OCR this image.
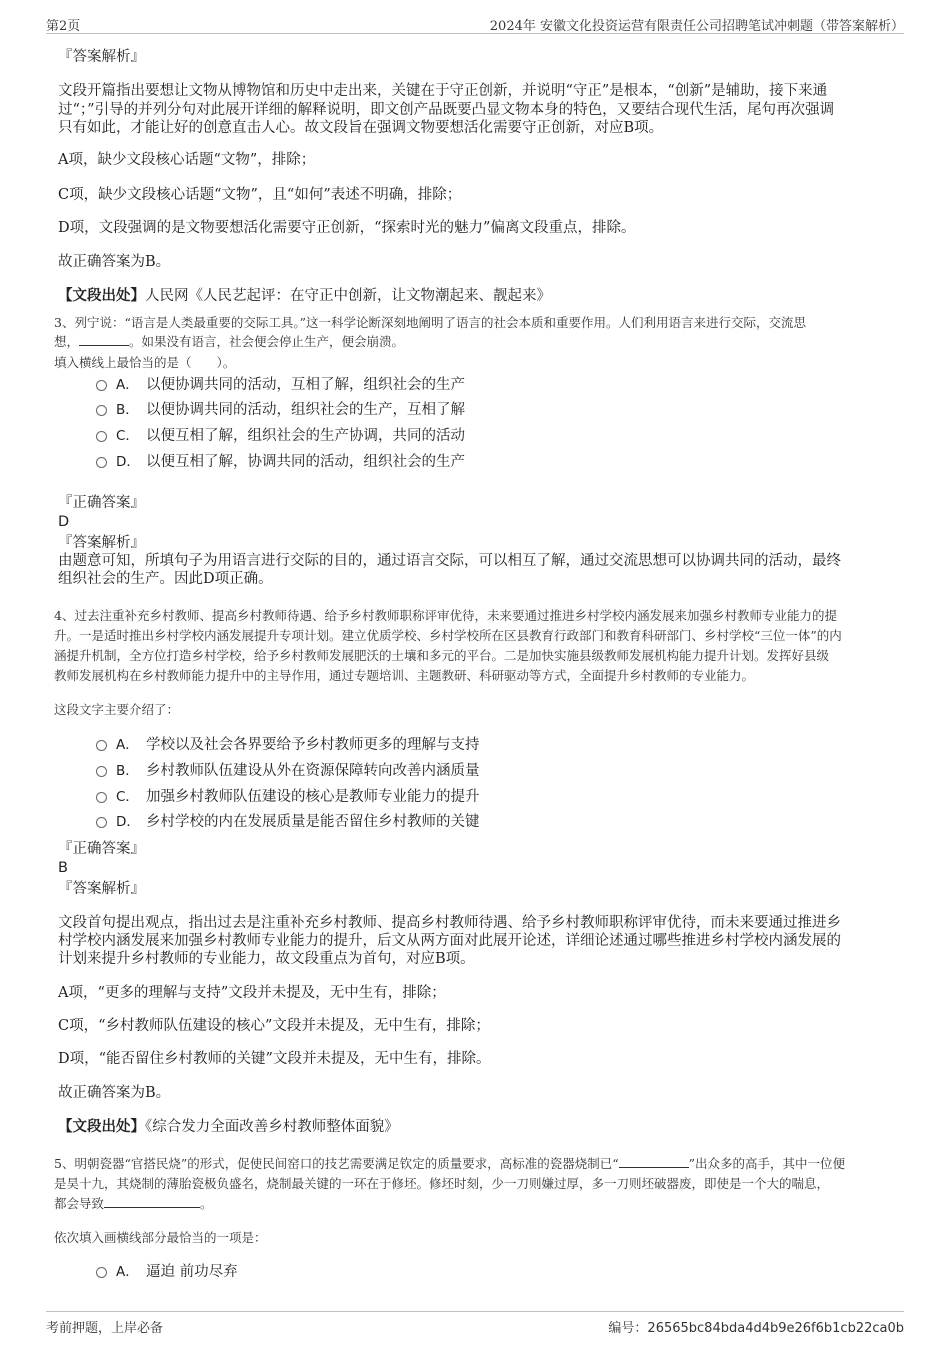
第2页	2024年 安徽文化投资运营有限责任公司招聘笔试冲刺题（带答案解析）
『答案解析』
文段开篇指出要想让文物从博物馆和历史中走出来，关键在于守正创新，并说明“守正”是根本，“创新”是辅助，接下来通
过“；”引导的并列分句对此展开详细的解释说明，即文创产品既要凸显文物本身的特色，又要结合现代生活，尾句再次强调
只有如此，才能让好的创意直击人心。故文段旨在强调文物要想活化需要守正创新，对应B项。
A项，缺少文段核心话题“文物”，排除；
C项，缺少文段核心话题“文物”，且“如何”表述不明确，排除；
D项，文段强调的是文物要想活化需要守正创新，“探索时光的魅力”偏离文段重点，排除。
故正确答案为B。
【文段出处】人民网《人民艺起评：在守正中创新，让文物潮起来、靓起来》
3、列宁说：“语言是人类最重要的交际工具。”这一科学论断深刻地阐明了语言的社会本质和重要作用。人们利用语言来进行交际，交流思
想，	。如果没有语言，社会便会停止生产，便会崩溃。
填入横线上最恰当的是（　　）。
A． 以便协调共同的活动，互相了解，组织社会的生产
B． 以便协调共同的活动，组织社会的生产，互相了解
C． 以便互相了解，组织社会的生产协调，共同的活动
D． 以便互相了解，协调共同的活动，组织社会的生产
『正确答案』
D
『答案解析』
由题意可知，所填句子为用语言进行交际的目的，通过语言交际，可以相互了解，通过交流思想可以协调共同的活动，最终
组织社会的生产。因此D项正确。
4、过去注重补充乡村教师、提高乡村教师待遇、给予乡村教师职称评审优待，未来要通过推进乡村学校内涵发展来加强乡村教师专业能力的提
升。一是适时推出乡村学校内涵发展提升专项计划。建立优质学校、乡村学校所在区县教育行政部门和教育科研部门、乡村学校“三位一体”的内
涵提升机制，全方位打造乡村学校，给予乡村教师发展肥沃的土壤和多元的平台。二是加快实施县级教师发展机构能力提升计划。发挥好县级
教师发展机构在乡村教师能力提升中的主导作用，通过专题培训、主题教研、科研驱动等方式，全面提升乡村教师的专业能力。
这段文字主要介绍了：
A． 学校以及社会各界要给予乡村教师更多的理解与支持
B． 乡村教师队伍建设从外在资源保障转向改善内涵质量
C． 加强乡村教师队伍建设的核心是教师专业能力的提升
D． 乡村学校的内在发展质量是能否留住乡村教师的关键
『正确答案』
B
『答案解析』
文段首句提出观点，指出过去是注重补充乡村教师、提高乡村教师待遇、给予乡村教师职称评审优待，而未来要通过推进乡
村学校内涵发展来加强乡村教师专业能力的提升，后文从两方面对此展开论述，详细论述通过哪些推进乡村学校内涵发展的
计划来提升乡村教师的专业能力，故文段重点为首句，对应B项。
A项，“更多的理解与支持”文段并未提及，无中生有，排除；
C项，“乡村教师队伍建设的核心”文段并未提及，无中生有，排除；
D项，“能否留住乡村教师的关键”文段并未提及，无中生有，排除。
故正确答案为B。
【文段出处】《综合发力全面改善乡村教师整体面貌》
5、明朝瓷器“官搭民烧”的形式，促使民间窑口的技艺需要满足钦定的质量要求，高标准的瓷器烧制已“	”出众多的高手，其中一位便
是昊十九，其烧制的薄胎瓷极负盛名，烧制最关键的一环在于修坯。修坯时刻，少一刀则嫌过厚，多一刀则坯破器废，即使是一个大的喘息，
都会导致	。
依次填入画横线部分最恰当的一项是：
A． 逼迫 前功尽弃
考前押题，上岸必备	编号：26565bc84bda4d4b9e26f6b1cb22ca0b
